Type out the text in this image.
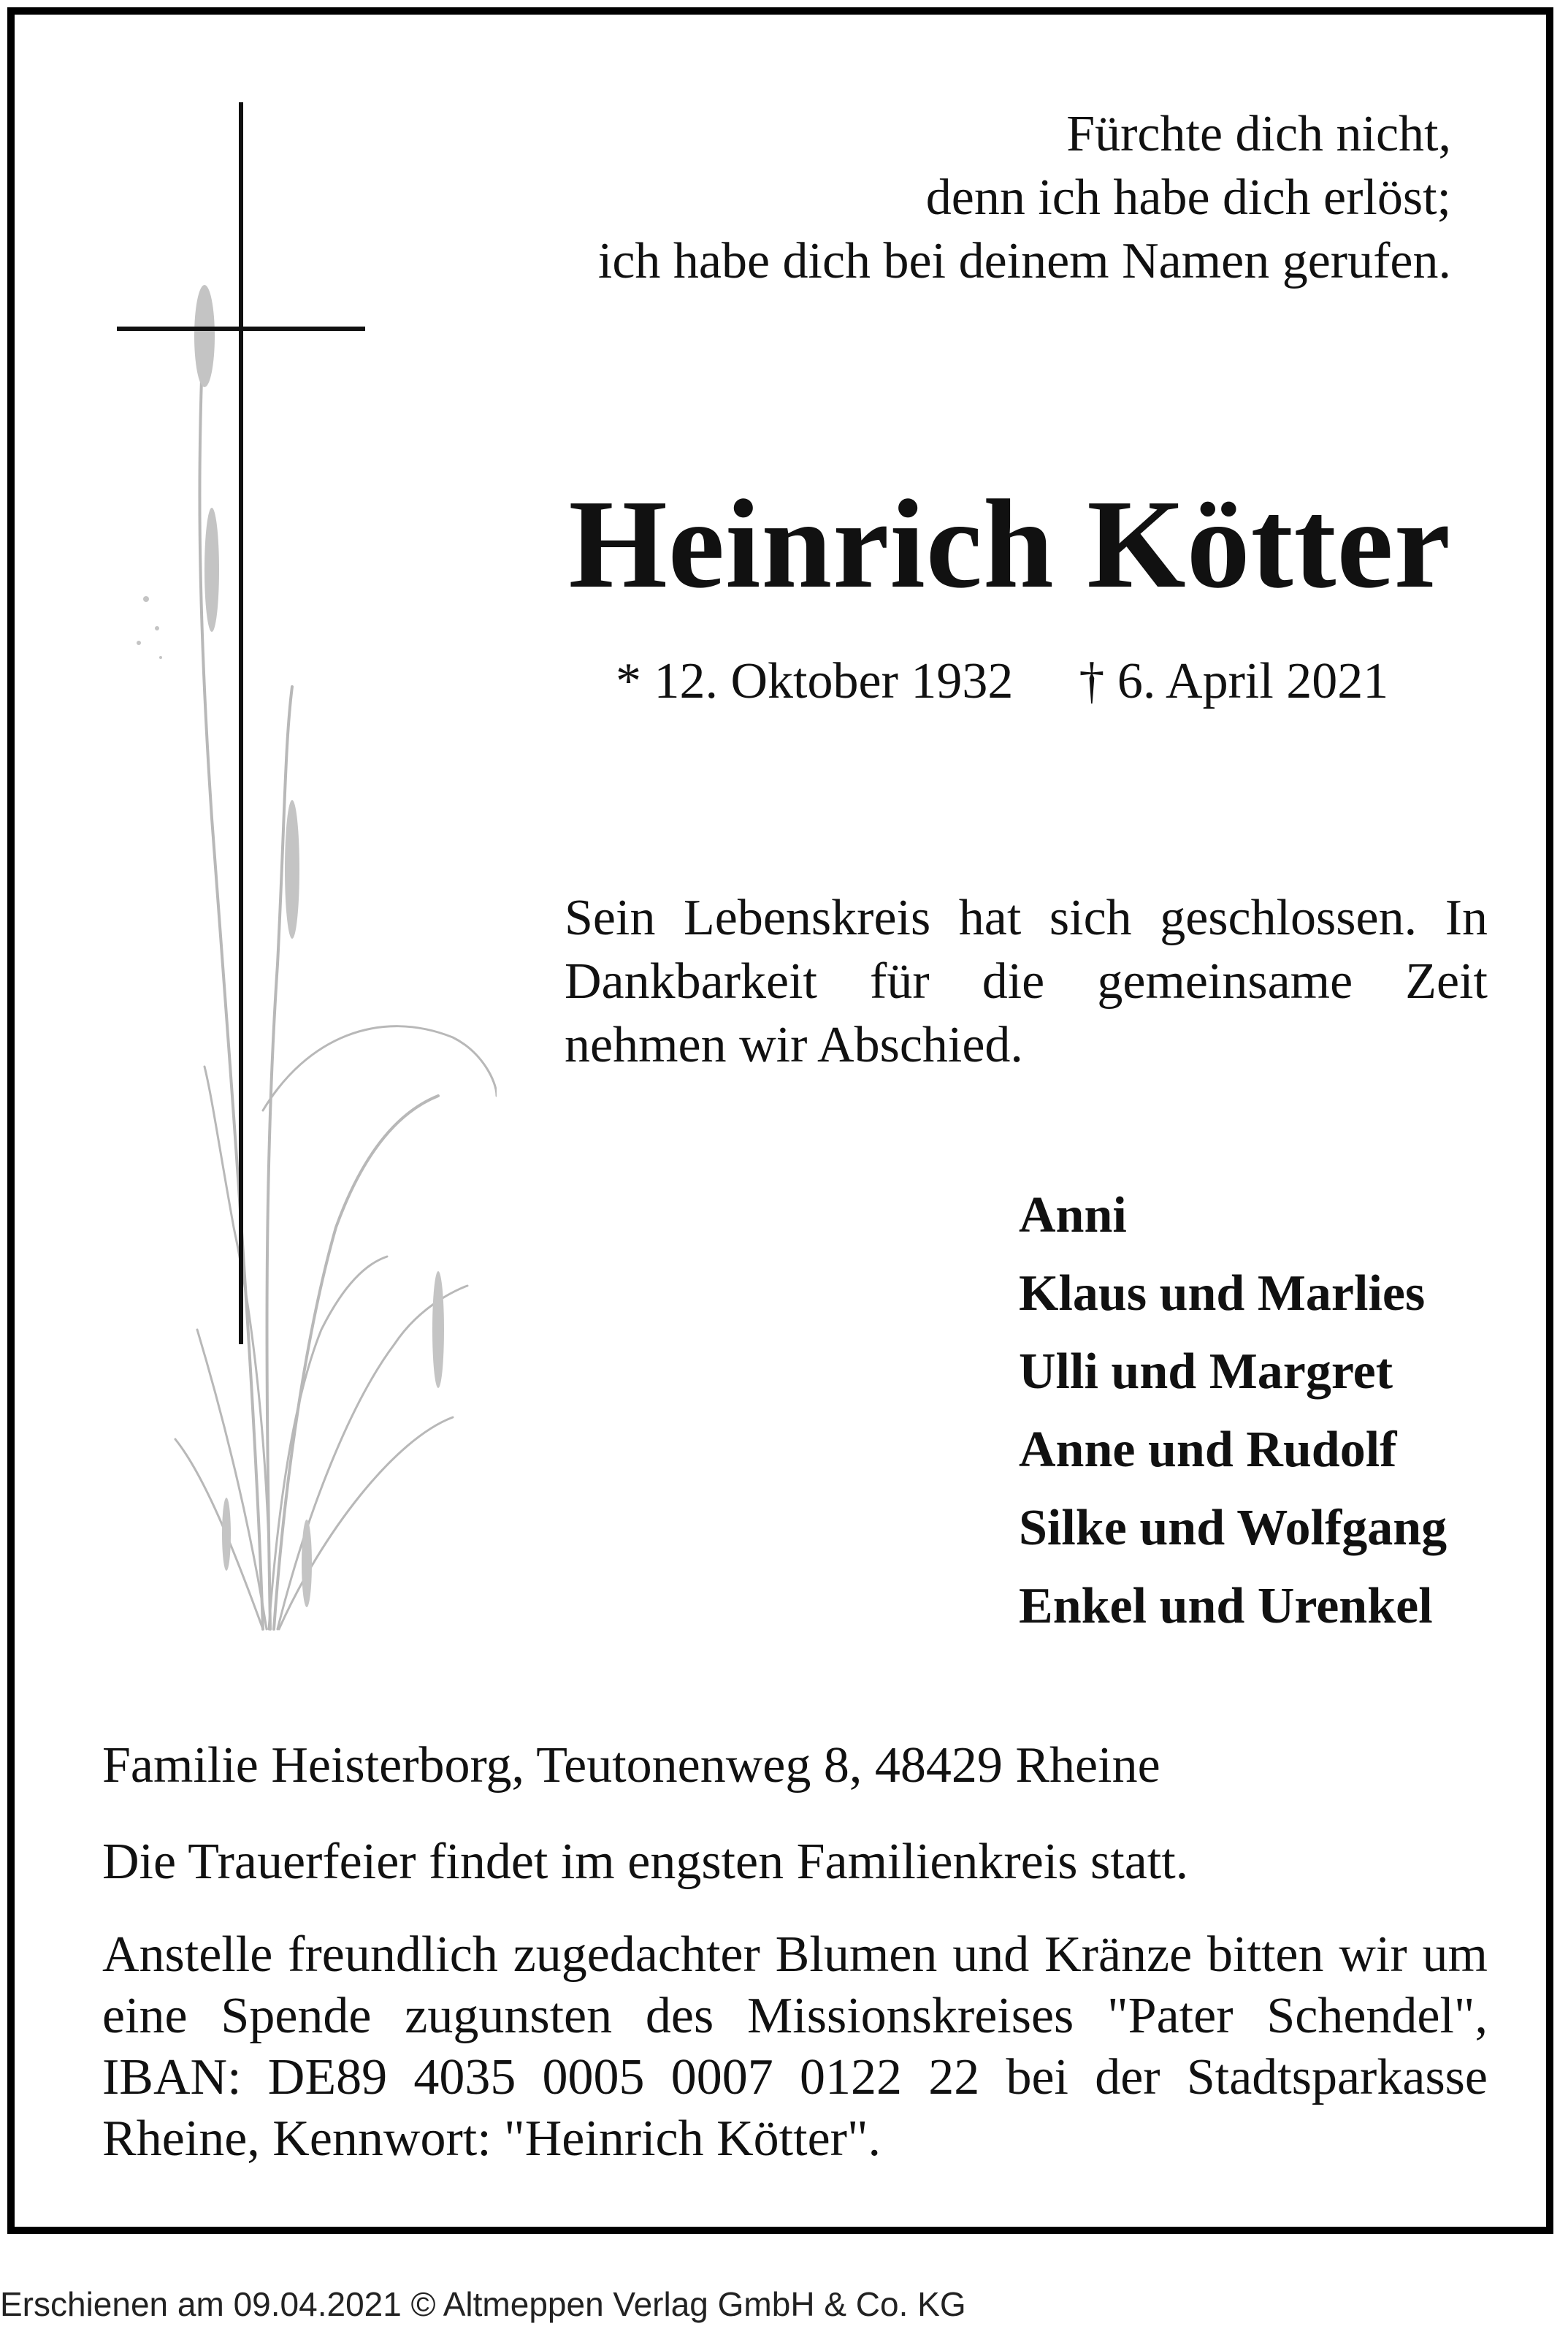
Fürchte dich nicht,
denn ich habe dich erlöst;
ich habe dich bei deinem Namen gerufen.
Heinrich Kötter
* 12. Oktober 1932 † 6. April 2021
Sein Lebenskreis hat sich geschlossen. In Dankbarkeit für die gemeinsame Zeit nehmen wir Abschied.
Anni
Klaus und Marlies
Ulli und Margret
Anne und Rudolf
Silke und Wolfgang
Enkel und Urenkel
Familie Heisterborg, Teutonenweg 8, 48429 Rheine
Die Trauerfeier findet im engsten Familienkreis statt.
Anstelle freundlich zugedachter Blumen und Kränze bitten wir um eine Spende zugunsten des Missionskreises "Pater Schendel", IBAN: DE89 4035 0005 0007 0122 22 bei der Stadtsparkasse Rheine, Kennwort: "Heinrich Kötter".
Erschienen am 09.04.2021 © Altmeppen Verlag GmbH & Co. KG
